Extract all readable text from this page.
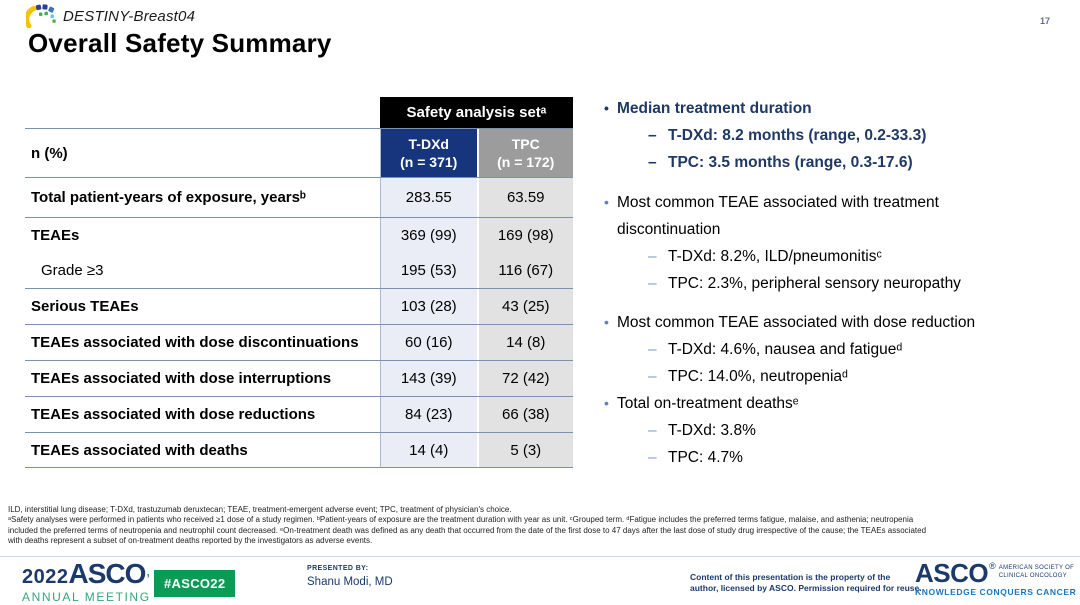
DESTINY-Breast04
Overall Safety Summary
17
Safety analysis setᵃ
n (%)
T-DXd
(n = 371)
TPC
(n = 172)
Total patient-years of exposure, yearsᵇ	283.55	63.59
TEAEs	369 (99)	169 (98)
Grade ≥3	195 (53)	116 (67)
Serious TEAEs	103 (28)	43 (25)
TEAEs associated with dose discontinuations	60 (16)	14 (8)
TEAEs associated with dose interruptions	143 (39)	72 (42)
TEAEs associated with dose reductions	84 (23)	66 (38)
TEAEs associated with deaths	14 (4)	5 (3)
• Median treatment duration
– T-DXd: 8.2 months (range, 0.2-33.3)
– TPC: 3.5 months (range, 0.3-17.6)
• Most common TEAE associated with treatment discontinuation
– T-DXd: 8.2%, ILD/pneumonitisᶜ
– TPC: 2.3%, peripheral sensory neuropathy
• Most common TEAE associated with dose reduction
– T-DXd: 4.6%, nausea and fatigueᵈ
– TPC: 14.0%, neutropeniaᵈ
• Total on-treatment deathsᵉ
– T-DXd: 3.8%
– TPC: 4.7%
ILD, interstitial lung disease; T-DXd, trastuzumab deruxtecan; TEAE, treatment-emergent adverse event; TPC, treatment of physician's choice.
ᵃSafety analyses were performed in patients who received ≥1 dose of a study regimen. ᵇPatient-years of exposure are the treatment duration with year as unit. ᶜGrouped term. ᵈFatigue includes the preferred terms fatigue, malaise, and asthenia; neutropenia
included the preferred terms of neutropenia and neutrophil count decreased. ᵉOn-treatment death was defined as any death that occurred from the date of the first dose to 47 days after the last dose of study drug irrespective of the cause; the TEAEs associated
with deaths represent a subset of on-treatment deaths reported by the investigators as adverse events.
2022 ASCO ’
ANNUAL MEETING
#ASCO22
PRESENTED BY:
Shanu Modi, MD	Content of this presentation is the property of the
author, licensed by ASCO. Permission required for reuse.
ASCO ® AMERICAN SOCIETY OF
CLINICAL ONCOLOGY
KNOWLEDGE CONQUERS CANCER
